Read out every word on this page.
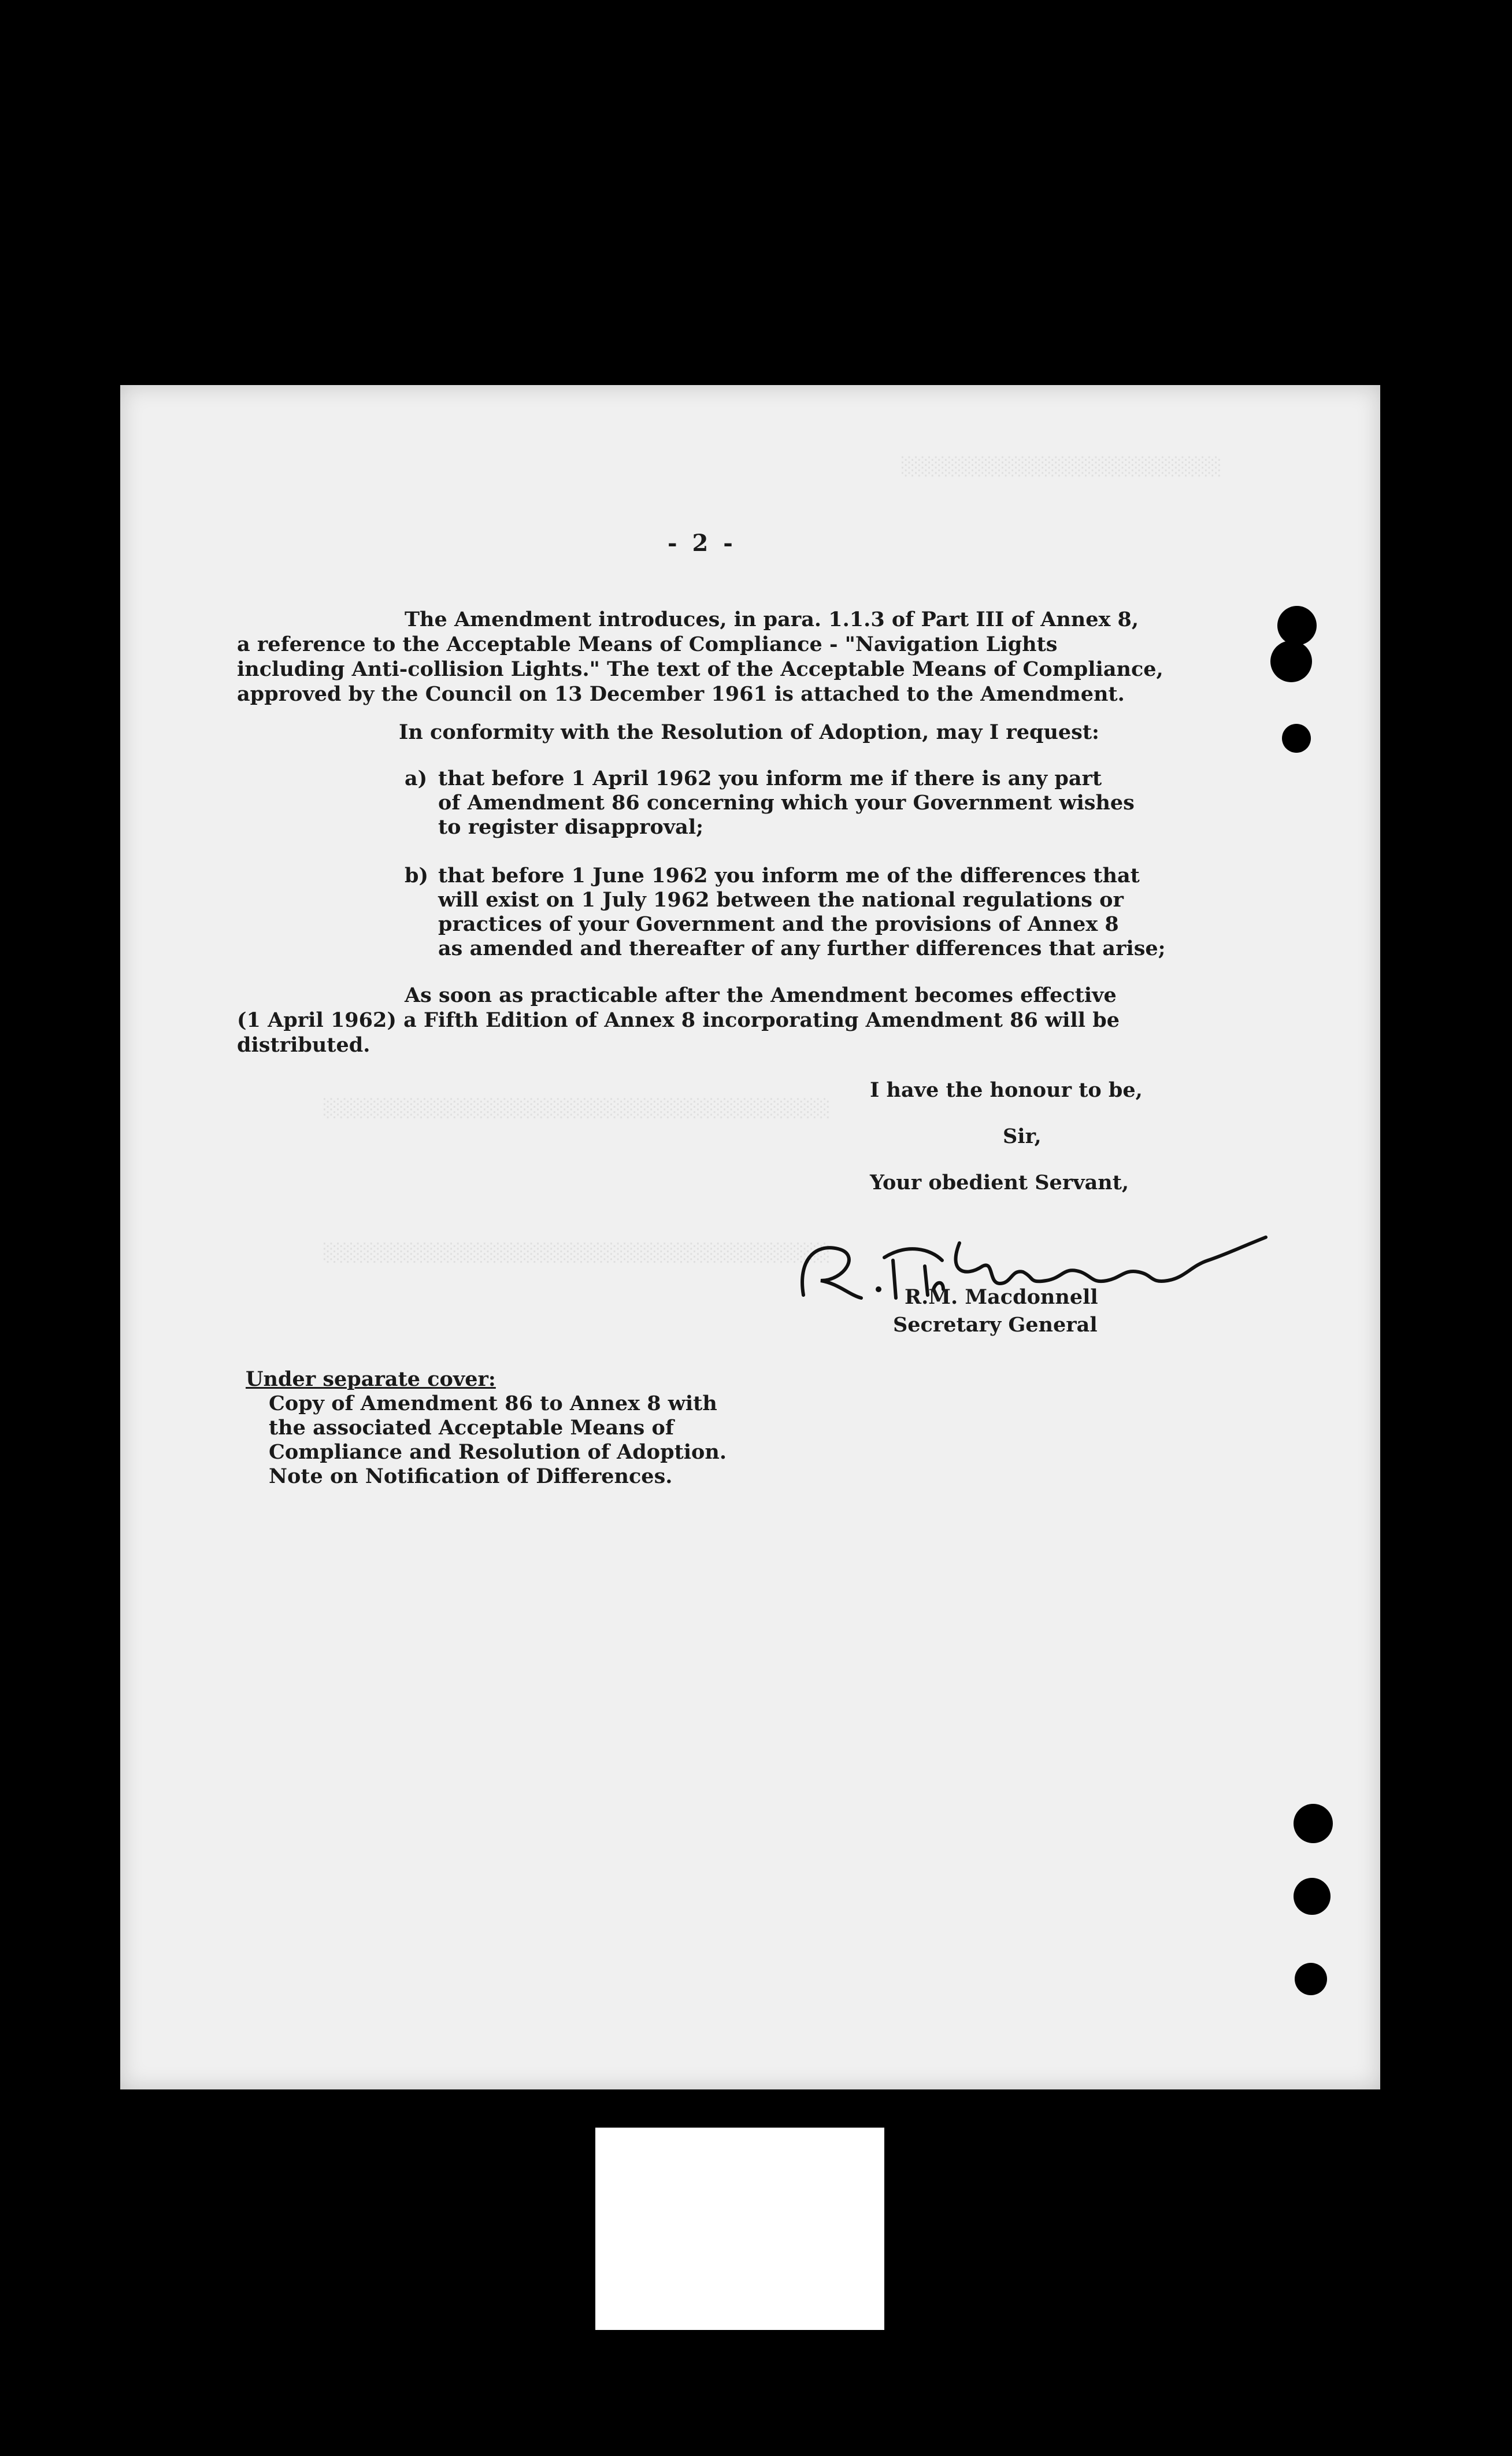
░░░░░░░░░░░░░░░░░░░░░░░░
░░░░░░░░░░░░░░░░░░░░░░░░░░░░░░░░░░░░░░
░░░░░░░░░░░░░░░░░░░░░░░░░░░░░░░░░░░░░░
- 2 -

The Amendment introduces, in para. 1.1.3 of Part III of Annex 8,

a reference to the Acceptable Means of Compliance - "Navigation Lights

including Anti-collision Lights." The text of the Acceptable Means of Compliance,

approved by the Council on 13 December 1961 is attached to the Amendment.

In conformity with the Resolution of Adoption, may I request:

a) that before 1 April 1962 you inform me if there is any part

of Amendment 86 concerning which your Government wishes

to register disapproval;

b) that before 1 June 1962 you inform me of the differences that

will exist on 1 July 1962 between the national regulations or

practices of your Government and the provisions of Annex 8

as amended and thereafter of any further differences that arise;

As soon as practicable after the Amendment becomes effective

(1 April 1962) a Fifth Edition of Annex 8 incorporating Amendment 86 will be

distributed.

I have the honour to be,
Sir,
Your obedient Servant,
R.M. Macdonnell
Secretary General

Under separate cover:

Copy of Amendment 86 to Annex 8 with

the associated Acceptable Means of

Compliance and Resolution of Adoption.

Note on Notification of Differences.
